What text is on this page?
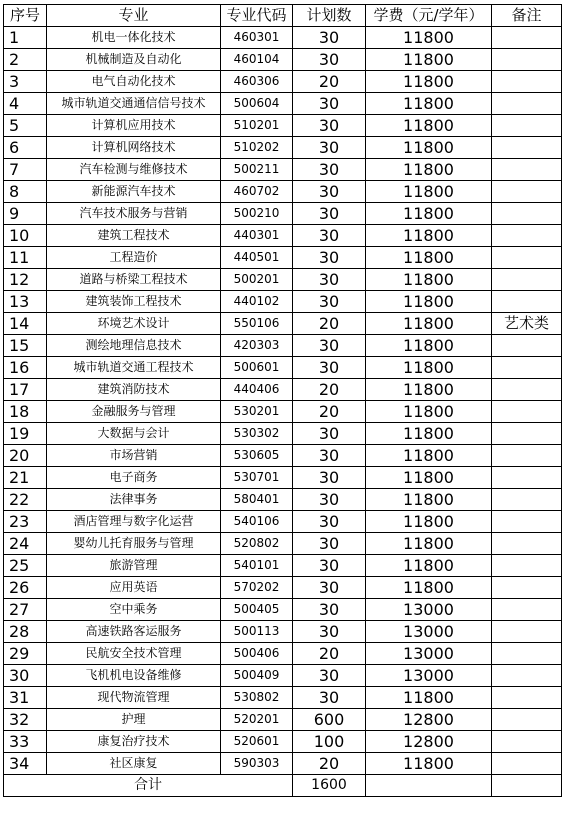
序号	专业	专业代码	计划数	学费（元/学年）	备注
1	机电一体化技术	460301	30	11800	
2	机械制造及自动化	460104	30	11800	
3	电气自动化技术	460306	20	11800	
4	城市轨道交通通信信号技术	500604	30	11800	
5	计算机应用技术	510201	30	11800	
6	计算机网络技术	510202	30	11800	
7	汽车检测与维修技术	500211	30	11800	
8	新能源汽车技术	460702	30	11800	
9	汽车技术服务与营销	500210	30	11800	
10	建筑工程技术	440301	30	11800	
11	工程造价	440501	30	11800	
12	道路与桥梁工程技术	500201	30	11800	
13	建筑装饰工程技术	440102	30	11800	
14	环境艺术设计	550106	20	11800	艺术类
15	测绘地理信息技术	420303	30	11800	
16	城市轨道交通工程技术	500601	30	11800	
17	建筑消防技术	440406	20	11800	
18	金融服务与管理	530201	20	11800	
19	大数据与会计	530302	30	11800	
20	市场营销	530605	30	11800	
21	电子商务	530701	30	11800	
22	法律事务	580401	30	11800	
23	酒店管理与数字化运营	540106	30	11800	
24	婴幼儿托育服务与管理	520802	30	11800	
25	旅游管理	540101	30	11800	
26	应用英语	570202	30	11800	
27	空中乘务	500405	30	13000	
28	高速铁路客运服务	500113	30	13000	
29	民航安全技术管理	500406	20	13000	
30	飞机机电设备维修	500409	30	13000	
31	现代物流管理	530802	30	11800	
32	护理	520201	600	12800	
33	康复治疗技术	520601	100	12800	
34	社区康复	590303	20	11800	
合计			1600		
